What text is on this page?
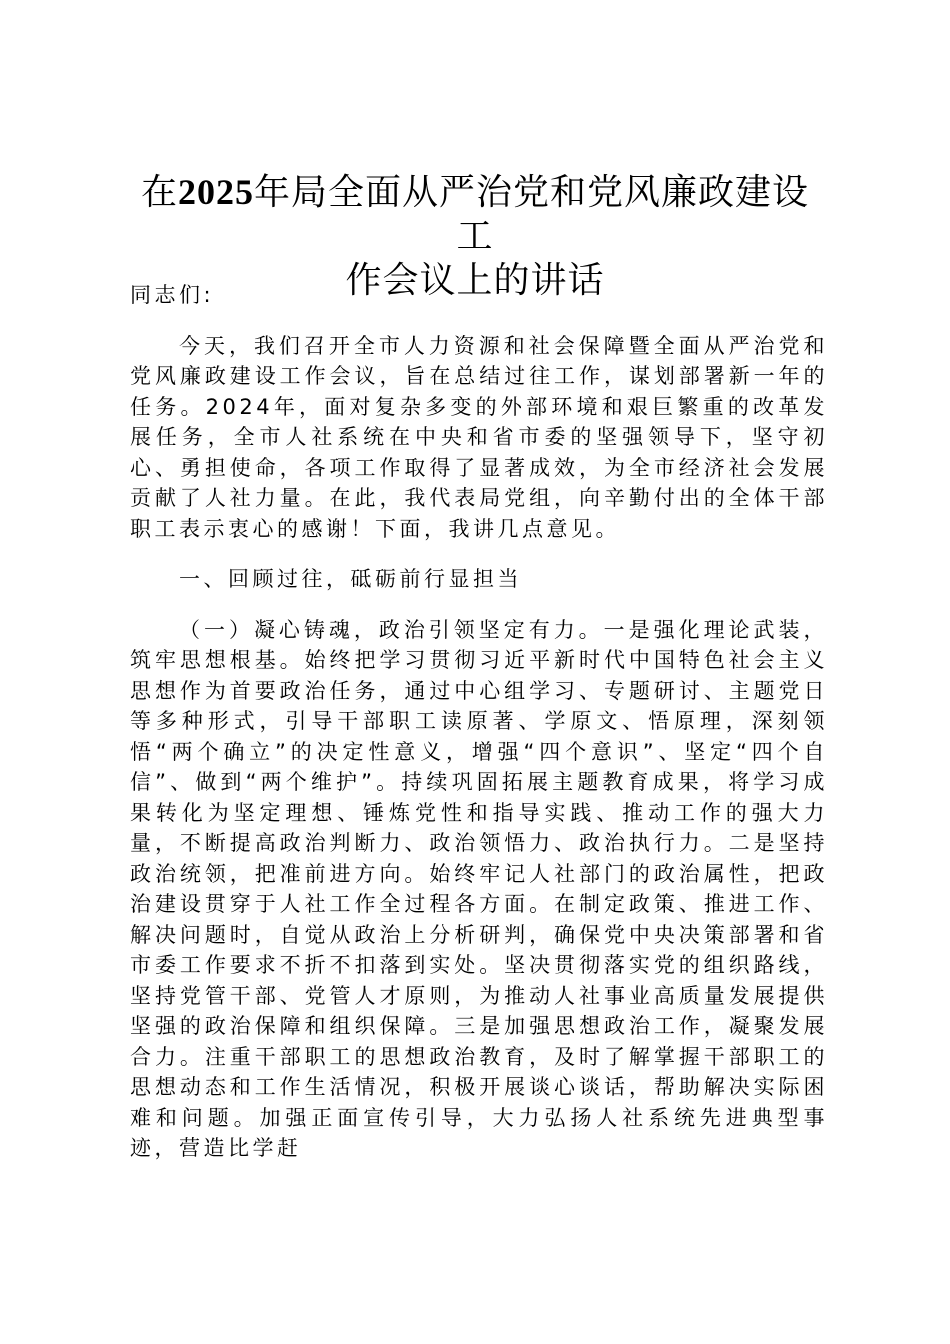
在2025年局全面从严治党和党风廉政建设工
作会议上的讲话

同志们:

今天，我们召开全市人力资源和社会保障暨全面从严治党和党风廉政建设工作会议，旨在总结过往工作，谋划部署新一年的任务。2024年，面对复杂多变的外部环境和艰巨繁重的改革发展任务，全市人社系统在中央和省市委的坚强领导下，坚守初心、勇担使命，各项工作取得了显著成效，为全市经济社会发展贡献了人社力量。在此，我代表局党组，向辛勤付出的全体干部职工表示衷心的感谢！下面，我讲几点意见。

一、回顾过往，砥砺前行显担当

（一）凝心铸魂，政治引领坚定有力。一是强化理论武装，筑牢思想根基。始终把学习贯彻习近平新时代中国特色社会主义思想作为首要政治任务，通过中心组学习、专题研讨、主题党日等多种形式，引导干部职工读原著、学原文、悟原理，深刻领悟“两个确立”的决定性意义，增强“四个意识”、坚定“四个自信”、做到“两个维护”。持续巩固拓展主题教育成果，将学习成果转化为坚定理想、锤炼党性和指导实践、推动工作的强大力量，不断提高政治判断力、政治领悟力、政治执行力。二是坚持政治统领，把准前进方向。始终牢记人社部门的政治属性，把政治建设贯穿于人社工作全过程各方面。在制定政策、推进工作、解决问题时，自觉从政治上分析研判，确保党中央决策部署和省市委工作要求不折不扣落到实处。坚决贯彻落实党的组织路线，坚持党管干部、党管人才原则，为推动人社事业高质量发展提供坚强的政治保障和组织保障。三是加强思想政治工作，凝聚发展合力。注重干部职工的思想政治教育，及时了解掌握干部职工的思想动态和工作生活情况，积极开展谈心谈话，帮助解决实际困难和问题。加强正面宣传引导，大力弘扬人社系统先进典型事迹，营造比学赶
